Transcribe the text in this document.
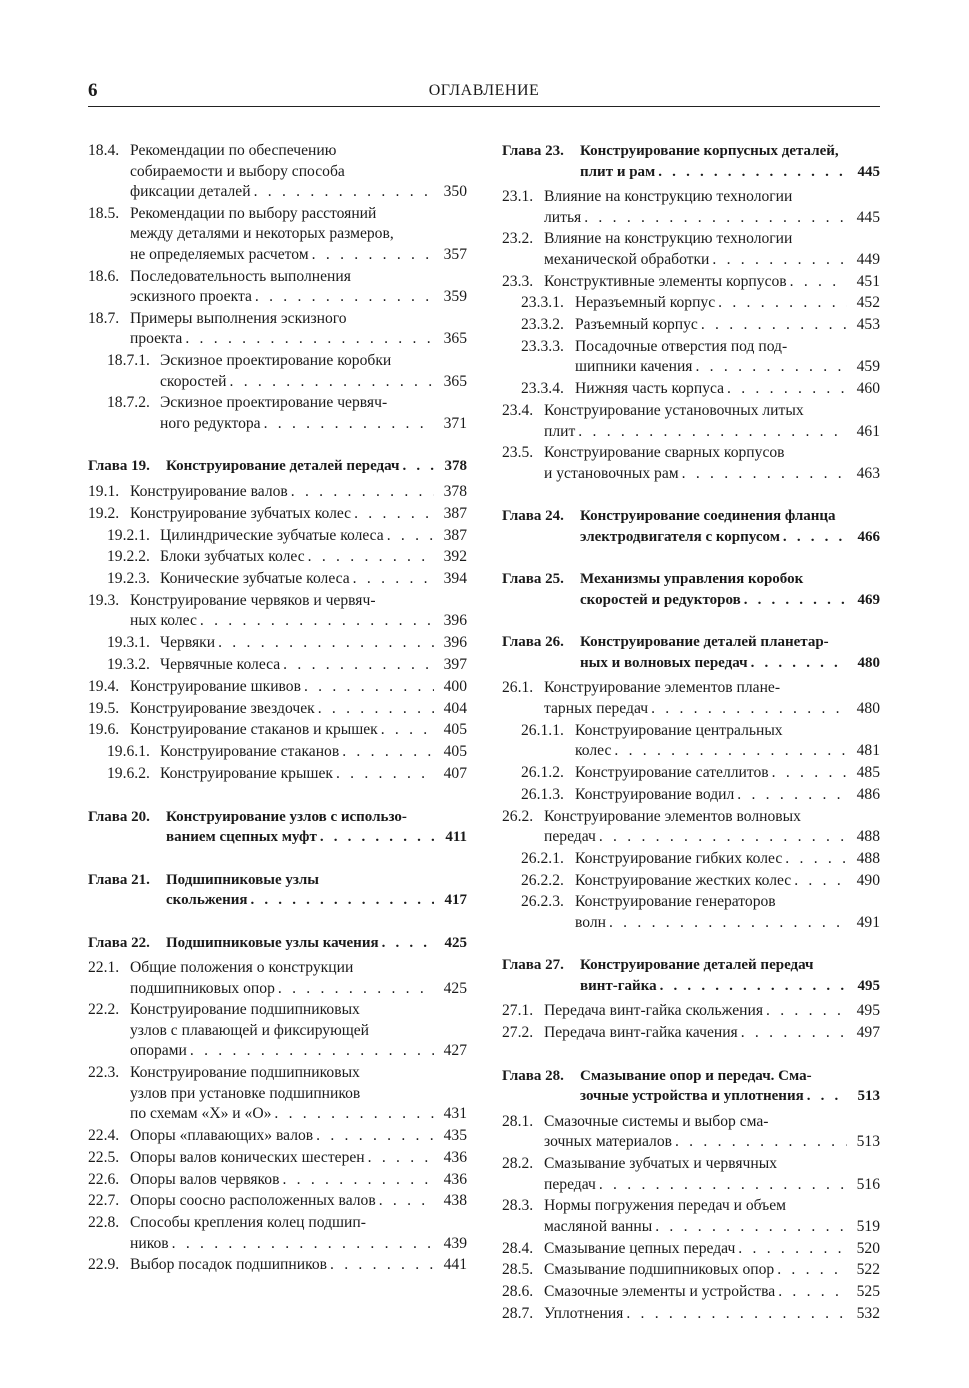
6	ОГЛАВЛЕНИЕ
18.4. Рекомендации по обеспечению
собираемости и выбору способа
фиксации деталей . . .	350
18.5. Рекомендации по выбору расстояний
между деталями и некоторых размеров,
не определяемых расчетом . . .	357
18.6. Последовательность выполнения
эскизного проекта . . .	359
18.7. Примеры выполнения эскизного
проекта . . .	365
18.7.1. Эскизное проектирование коробки
скоростей . . .	365
18.7.2. Эскизное проектирование червяч-
ного редуктора . . .	371
Глава 19. Конструирование деталей передач . . .	378
19.1. Конструирование валов . . .	378
19.2. Конструирование зубчатых колес . . .	387
19.2.1. Цилиндрические зубчатые колеса . . .	387
19.2.2. Блоки зубчатых колес . . .	392
19.2.3. Конические зубчатые колеса . . .	394
19.3. Конструирование червяков и червяч-
ных колес . . .	396
19.3.1. Червяки . . .	396
19.3.2. Червячные колеса . . .	397
19.4. Конструирование шкивов . . .	400
19.5. Конструирование звездочек . . .	404
19.6. Конструирование стаканов и крышек . . .	405
19.6.1. Конструирование стаканов . . .	405
19.6.2. Конструирование крышек . . .	407
Глава 20. Конструирование узлов с использо-
ванием сцепных муфт . . .	411
Глава 21. Подшипниковые узлы
скольжения . . .	417
Глава 22. Подшипниковые узлы качения . . .	425
22.1. Общие положения о конструкции
подшипниковых опор . . .	425
22.2. Конструирование подшипниковых
узлов с плавающей и фиксирующей
опорами . . .	427
22.3. Конструирование подшипниковых
узлов при установке подшипников
по схемам «Х» и «О» . . .	431
22.4. Опоры «плавающих» валов . . .	435
22.5. Опоры валов конических шестерен . . .	436
22.6. Опоры валов червяков . . .	436
22.7. Опоры соосно расположенных валов . . .	438
22.8. Способы крепления колец подшип-
ников . . .	439
22.9. Выбор посадок подшипников . . .	441
Глава 23. Конструирование корпусных деталей,
плит и рам . . .	445
23.1. Влияние на конструкцию технологии
литья . . .	445
23.2. Влияние на конструкцию технологии
механической обработки . . .	449
23.3. Конструктивные элементы корпусов . . .	451
23.3.1. Неразъемный корпус . . .	452
23.3.2. Разъемный корпус . . .	453
23.3.3. Посадочные отверстия под под-
шипники качения . . .	459
23.3.4. Нижняя часть корпуса . . .	460
23.4. Конструирование установочных литых
плит . . .	461
23.5. Конструирование сварных корпусов
и установочных рам . . .	463
Глава 24. Конструирование соединения фланца
электродвигателя с корпусом . . .	466
Глава 25. Механизмы управления коробок
скоростей и редукторов . . .	469
Глава 26. Конструирование деталей планетар-
ных и волновых передач . . .	480
26.1. Конструирование элементов плане-
тарных передач . . .	480
26.1.1. Конструирование центральных
колес . . .	481
26.1.2. Конструирование сателлитов . . .	485
26.1.3. Конструирование водил . . .	486
26.2. Конструирование элементов волновых
передач . . .	488
26.2.1. Конструирование гибких колес . . .	488
26.2.2. Конструирование жестких колес . . .	490
26.2.3. Конструирование генераторов
волн . . .	491
Глава 27. Конструирование деталей передач
винт-гайка . . .	495
27.1. Передача винт-гайка скольжения . . .	495
27.2. Передача винт-гайка качения . . .	497
Глава 28. Смазывание опор и передач. Сма-
зочные устройства и уплотнения . . .	513
28.1. Смазочные системы и выбор сма-
зочных материалов . . .	513
28.2. Смазывание зубчатых и червячных
передач . . .	516
28.3. Нормы погружения передач и объем
масляной ванны . . .	519
28.4. Смазывание цепных передач . . .	520
28.5. Смазывание подшипниковых опор . . .	522
28.6. Смазочные элементы и устройства . . .	525
28.7. Уплотнения . . .	532
